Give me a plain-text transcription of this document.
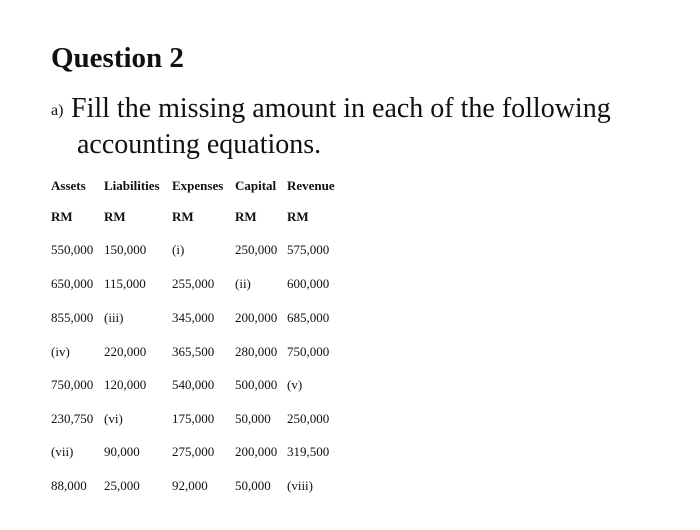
Question 2
a) Fill the missing amount in each of the following
accounting equations.
Assets Liabilities Expenses Capital Revenue
RM RM	RM	RM RM
550,000 150,000 (i)	250,000 575,000
650,000 115,000 255,000 (ii)	600,000
855,000 (iii)	345,000 200,000 685,000
(iv)	220,000 365,500 280,000 750,000
750,000 120,000 540,000 500,000 (v)
230,750 (vi)	175,000 50,000 250,000
(vii) 90,000 275,000 200,000 319,500
88,000 25,000 92,000 50,000 (viii)
